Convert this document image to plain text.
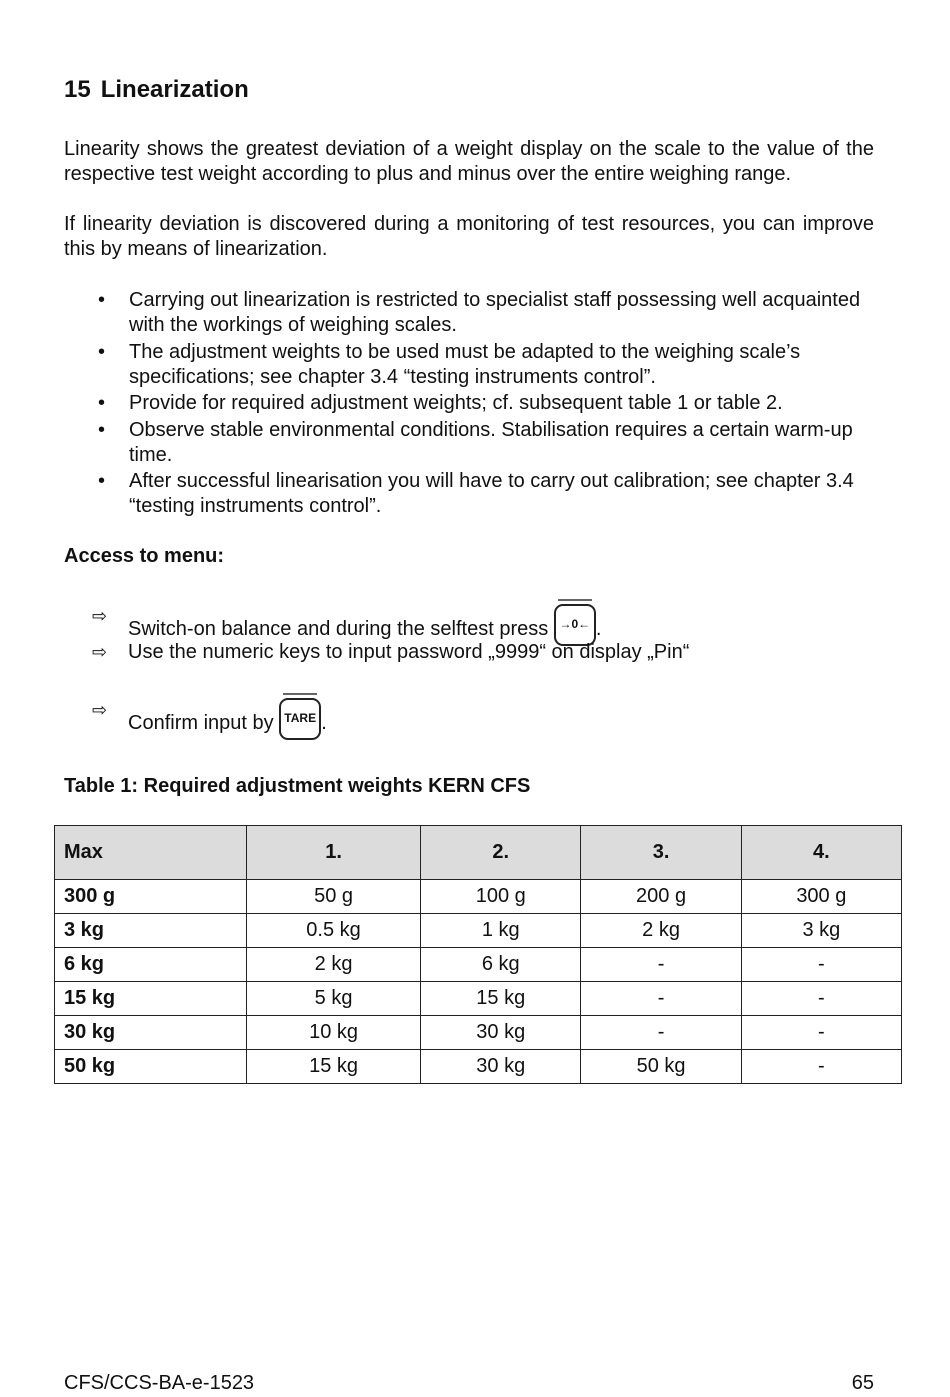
15 Linearization

Linearity shows the greatest deviation of a weight display on the scale to the value of the respective test weight according to plus and minus over the entire weighing range.

If linearity deviation is discovered during a monitoring of test resources, you can improve this by means of linearization.

• Carrying out linearization is restricted to specialist staff possessing well acquainted with the workings of weighing scales.
• The adjustment weights to be used must be adapted to the weighing scale’s specifications; see chapter 3.4 “testing instruments control”.
• Provide for required adjustment weights; cf. subsequent table 1 or table 2.
• Observe stable environmental conditions. Stabilisation requires a certain warm-up time.
• After successful linearisation you will have to carry out calibration; see chapter 3.4 “testing instruments control”.
Access to menu:
⇨
Switch-on balance and during the selftest press →0← .
⇨ Use the numeric keys to input password „9999“ on display „Pin“
⇨
Confirm input by TARE .
Table 1: Required adjustment weights KERN CFS
Max	1.	2.	3.	4.
300 g	50 g	100 g	200 g	300 g
3 kg	0.5 kg	1 kg	2 kg	3 kg
6 kg	2 kg	6 kg	-	-
15 kg	5 kg	15 kg	-	-
30 kg	10 kg	30 kg	-	-
50 kg	15 kg	30 kg	50 kg	-
CFS/CCS-BA-e-1523	65
